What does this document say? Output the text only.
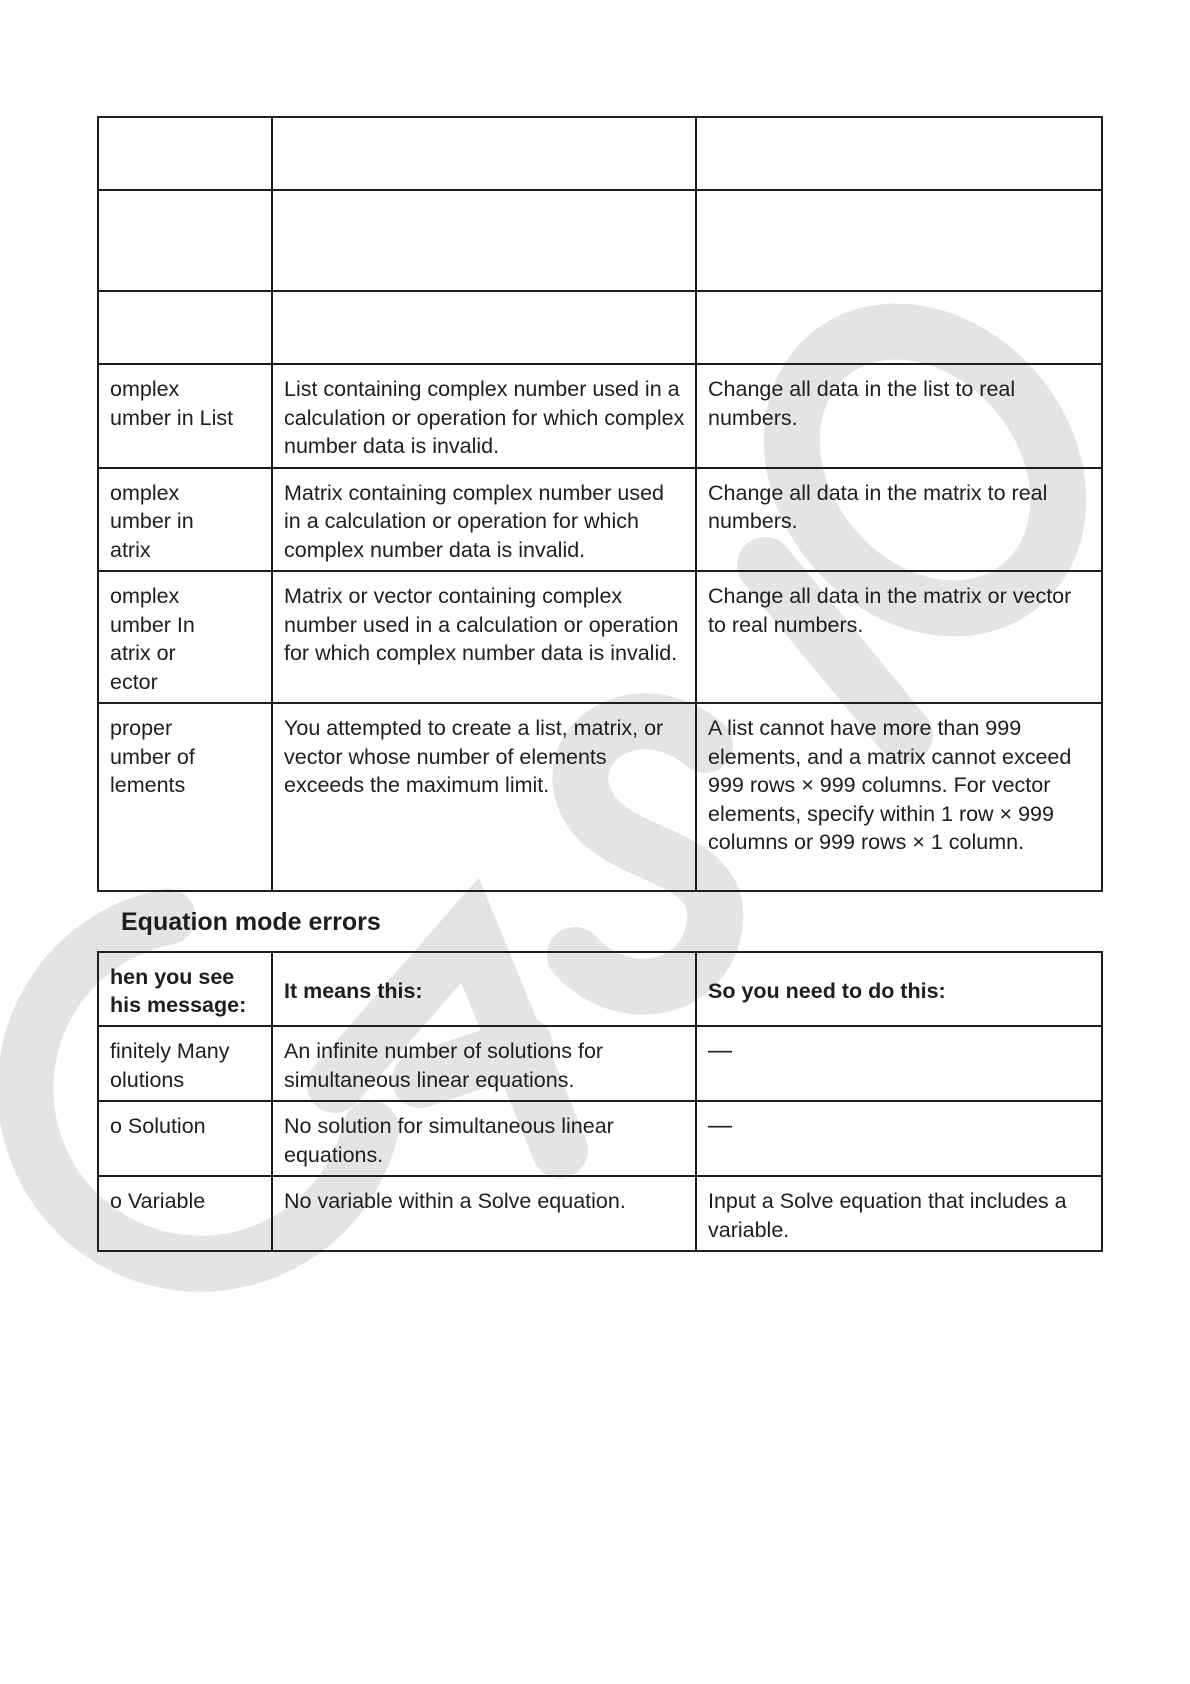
omplex
umber in List	List containing complex number used in a calculation or operation for which complex number data is invalid.	Change all data in the list to real numbers.
omplex
umber in
atrix	Matrix containing complex number used in a calculation or operation for which complex number data is invalid.	Change all data in the matrix to real numbers.
omplex
umber In
atrix or
ector	Matrix or vector containing complex number used in a calculation or operation for which complex number data is invalid.	Change all data in the matrix or vector to real numbers.
proper
umber of
lements	You attempted to create a list, matrix, or vector whose number of elements exceeds the maximum limit.	A list cannot have more than 999 elements, and a matrix cannot exceed 999 rows × 999 columns. For vector elements, specify within 1 row × 999 columns or 999 rows × 1 column.
Equation mode errors
hen you see
his message:	It means this:	So you need to do this:
finitely Many
olutions	An infinite number of solutions for simultaneous linear equations.	—
o Solution	No solution for simultaneous linear equations.	—
o Variable	No variable within a Solve equation.	Input a Solve equation that includes a variable.
